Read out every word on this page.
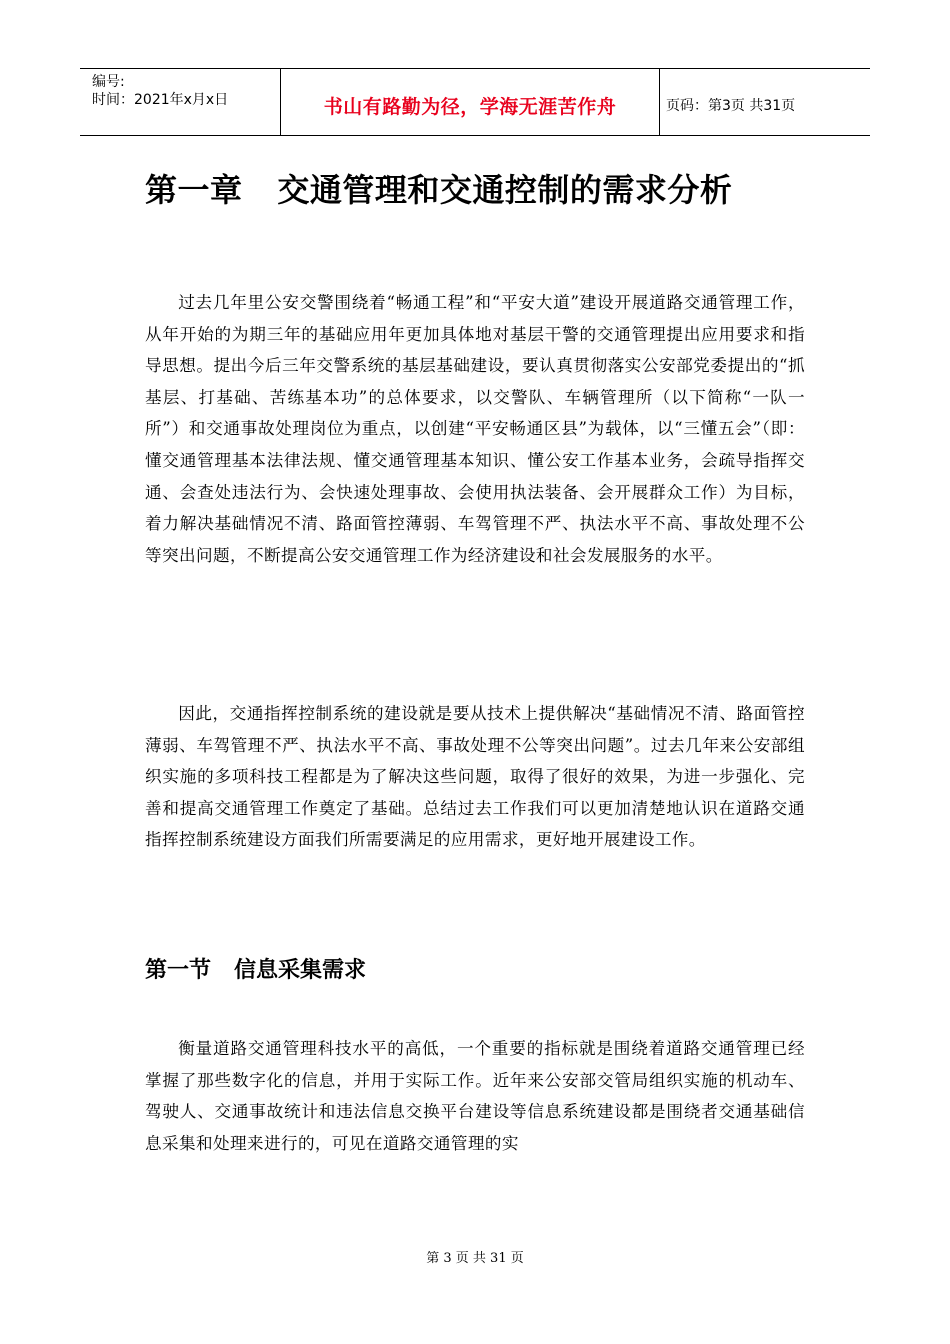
编号:
时间：2021年x月x日	书山有路勤为径，学海无涯苦作舟	页码：第3页 共31页
第一章   交通管理和交通控制的需求分析

过去几年里公安交警围绕着“畅通工程”和“平安大道”建设开展道路交通管理工作，从年开始的为期三年的基础应用年更加具体地对基层干警的交通管理提出应用要求和指导思想。提出今后三年交警系统的基层基础建设，要认真贯彻落实公安部党委提出的“抓基层、打基础、苦练基本功”的总体要求，以交警队、车辆管理所（以下简称“一队一所”）和交通事故处理岗位为重点，以创建“平安畅通区县”为载体，以“三懂五会”（即：懂交通管理基本法律法规、懂交通管理基本知识、懂公安工作基本业务，会疏导指挥交通、会查处违法行为、会快速处理事故、会使用执法装备、会开展群众工作）为目标，着力解决基础情况不清、路面管控薄弱、车驾管理不严、执法水平不高、事故处理不公等突出问题，不断提高公安交通管理工作为经济建设和社会发展服务的水平。

因此，交通指挥控制系统的建设就是要从技术上提供解决“基础情况不清、路面管控薄弱、车驾管理不严、执法水平不高、事故处理不公等突出问题”。过去几年来公安部组织实施的多项科技工程都是为了解决这些问题，取得了很好的效果，为进一步强化、完善和提高交通管理工作奠定了基础。总结过去工作我们可以更加清楚地认识在道路交通指挥控制系统建设方面我们所需要满足的应用需求，更好地开展建设工作。

第一节   信息采集需求

衡量道路交通管理科技水平的高低，一个重要的指标就是围绕着道路交通管理已经掌握了那些数字化的信息，并用于实际工作。近年来公安部交管局组织实施的机动车、驾驶人、交通事故统计和违法信息交换平台建设等信息系统建设都是围绕者交通基础信息采集和处理来进行的，可见在道路交通管理的实

第 3 页 共 31 页
